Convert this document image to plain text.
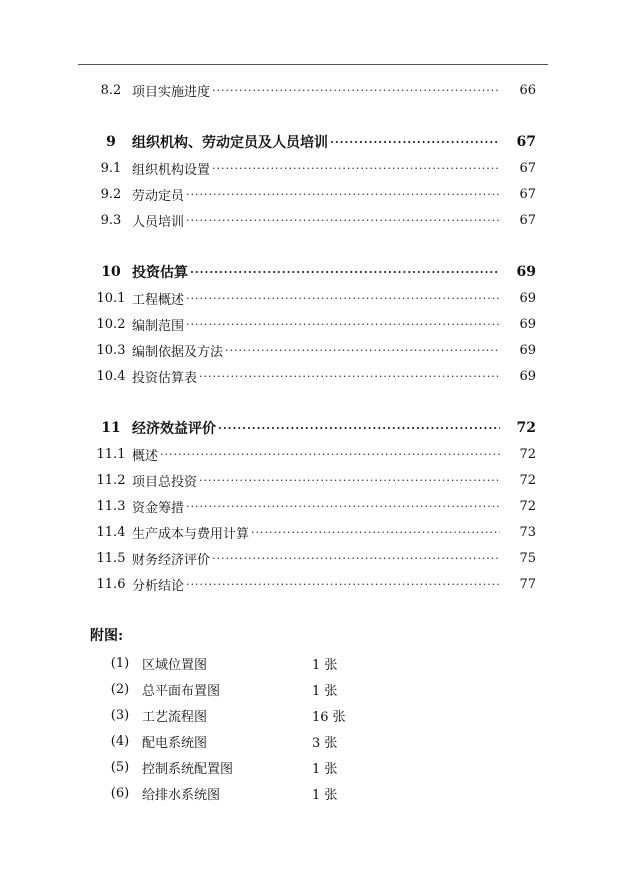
8.2 项目实施进度 ·····	66
9	组织机构、劳动定员及人员培训 ·····	67
9.1 组织机构设置 ·····	67
9.2 劳动定员 ·····	67
9.3 人员培训 ·····	67
10 投资估算 ·····	69
10.1 工程概述 ·····	69
10.2 编制范围 ·····	69
10.3 编制依据及方法 ·····	69
10.4 投资估算表 ·····	69
11 经济效益评价 ·····	72
11.1 概述 ·····	72
11.2 项目总投资 ·····	72
11.3 资金筹措 ·····	72
11.4 生产成本与费用计算 ·····	73
11.5 财务经济评价 ·····	75
11.6 分析结论 ·····	77
附图:
(1) 区域位置图	1 张
(2) 总平面布置图	1 张
(3) 工艺流程图	16 张
(4) 配电系统图	3 张
(5) 控制系统配置图	1 张
(6) 给排水系统图	1 张
